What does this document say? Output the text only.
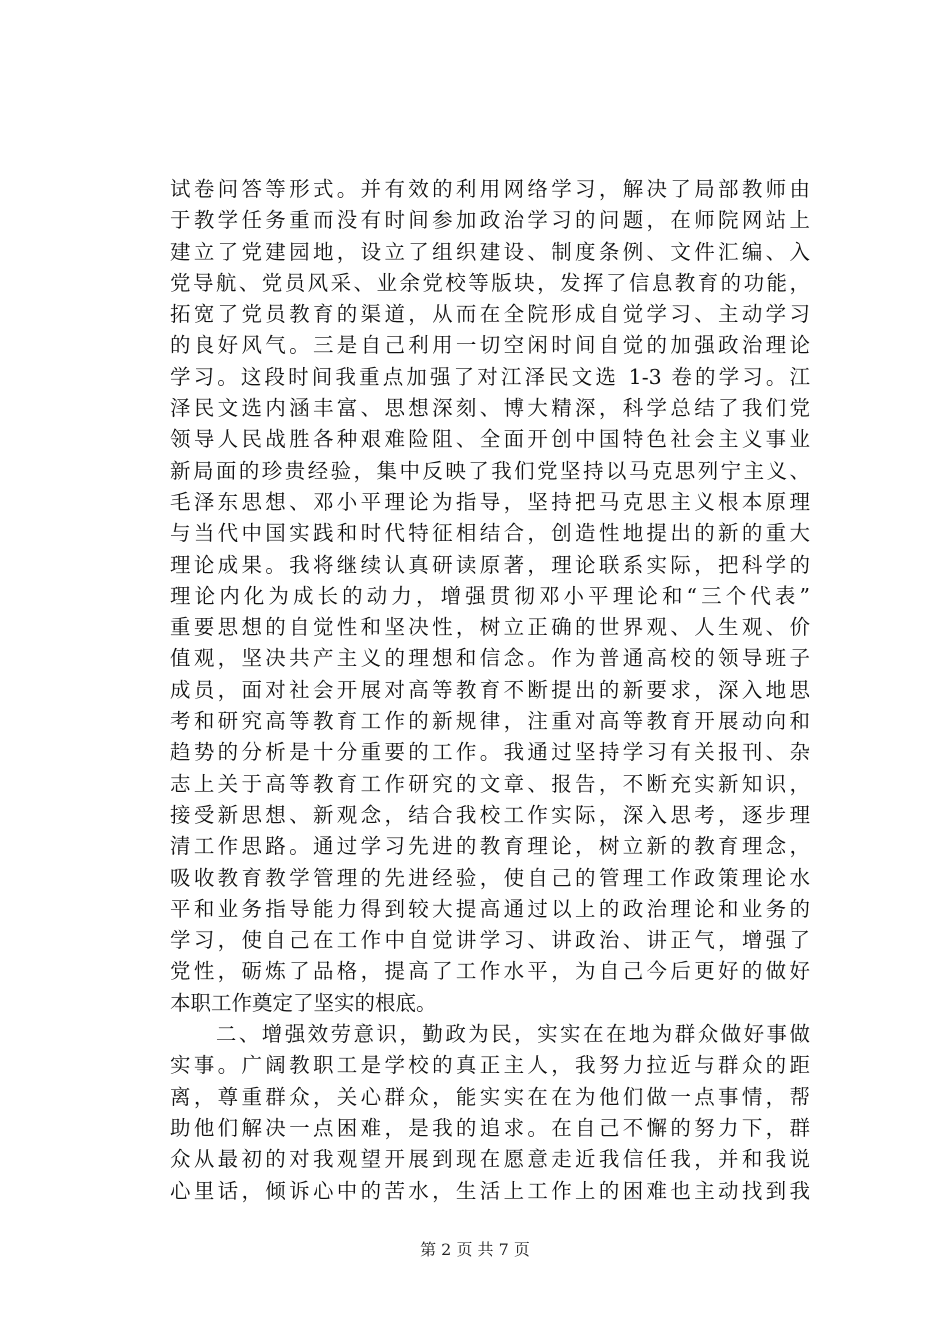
试卷问答等形式。并有效的利用网络学习，解决了局部教师由
于教学任务重而没有时间参加政治学习的问题，在师院网站上
建立了党建园地，设立了组织建设、制度条例、文件汇编、入
党导航、党员风采、业余党校等版块，发挥了信息教育的功能，
拓宽了党员教育的渠道，从而在全院形成自觉学习、主动学习
的良好风气。三是自己利用一切空闲时间自觉的加强政治理论
学习。这段时间我重点加强了对江泽民文选 1-3 卷的学习。江
泽民文选内涵丰富、思想深刻、博大精深，科学总结了我们党
领导人民战胜各种艰难险阻、全面开创中国特色社会主义事业
新局面的珍贵经验，集中反映了我们党坚持以马克思列宁主义、
毛泽东思想、邓小平理论为指导，坚持把马克思主义根本原理
与当代中国实践和时代特征相结合，创造性地提出的新的重大
理论成果。我将继续认真研读原著，理论联系实际，把科学的
理论内化为成长的动力，增强贯彻邓小平理论和“三个代表”
重要思想的自觉性和坚决性，树立正确的世界观、人生观、价
值观，坚决共产主义的理想和信念。作为普通高校的领导班子
成员，面对社会开展对高等教育不断提出的新要求，深入地思
考和研究高等教育工作的新规律，注重对高等教育开展动向和
趋势的分析是十分重要的工作。我通过坚持学习有关报刊、杂
志上关于高等教育工作研究的文章、报告，不断充实新知识，
接受新思想、新观念，结合我校工作实际，深入思考，逐步理
清工作思路。通过学习先进的教育理论，树立新的教育理念，
吸收教育教学管理的先进经验，使自己的管理工作政策理论水
平和业务指导能力得到较大提高通过以上的政治理论和业务的
学习，使自己在工作中自觉讲学习、讲政治、讲正气，增强了
党性，砺炼了品格，提高了工作水平，为自己今后更好的做好
本职工作奠定了坚实的根底。
　　二、增强效劳意识，勤政为民，实实在在地为群众做好事做
实事。广阔教职工是学校的真正主人，我努力拉近与群众的距
离，尊重群众，关心群众，能实实在在为他们做一点事情，帮
助他们解决一点困难，是我的追求。在自己不懈的努力下，群
众从最初的对我观望开展到现在愿意走近我信任我，并和我说
心里话，倾诉心中的苦水，生活上工作上的困难也主动找到我
第 2 页 共 7 页
